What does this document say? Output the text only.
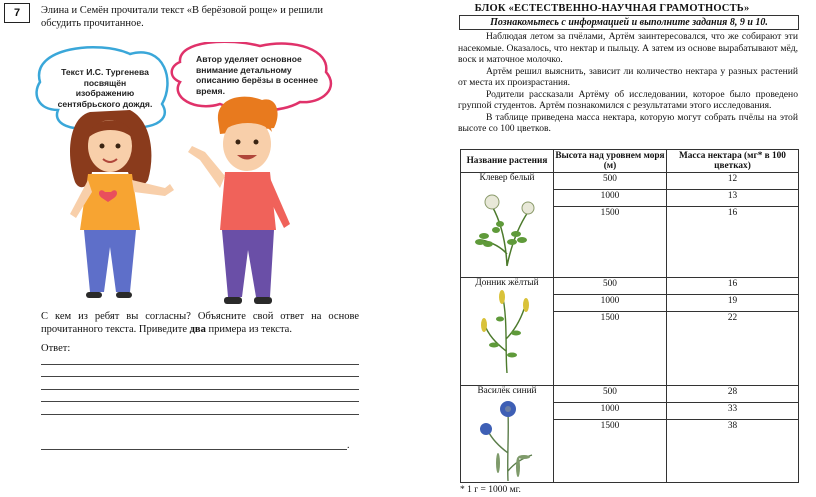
7	Элина и Семён прочитали текст «В берёзовой роще» и решили обсудить прочитанное.
Текст И.С. Тургенева посвящён изображению сентябрьского дождя.
Автор уделяет основное внимание детальному описанию берёзы в осеннее время.
С кем из ребят вы согласны? Объясните свой ответ на основе прочитанного текста. Приведите два примера из текста.
Ответ:
.
БЛОК «ЕСТЕСТВЕННО-НАУЧНАЯ ГРАМОТНОСТЬ»
Познакомьтесь с информацией и выполните задания 8, 9 и 10.

Наблюдая летом за пчёлами, Артём заинтересовался, что же собирают эти насекомые. Оказалось, что нектар и пыльцу. А затем из основе вырабатывают мёд, воск и маточное молочко.

Артём решил выяснить, зависит ли количество нектара у разных растений от места их произрастания.

Родители рассказали Артёму об исследовании, которое было проведено группой студентов. Артём познакомился с результатами этого исследования.

В таблице приведена масса нектара, которую могут собрать пчёлы на этой высоте со 100 цветков.

Название растения	Высота над уровнем моря (м)	Масса нектара (мг* в 100 цветках)

Клевер белый	500	12
	1000	13
	1500	16

Донник жёлтый	500	16
	1000	19
	1500	22

Василёк синий	500	28
	1000	33
	1500	38
* 1 г = 1000 мг.
